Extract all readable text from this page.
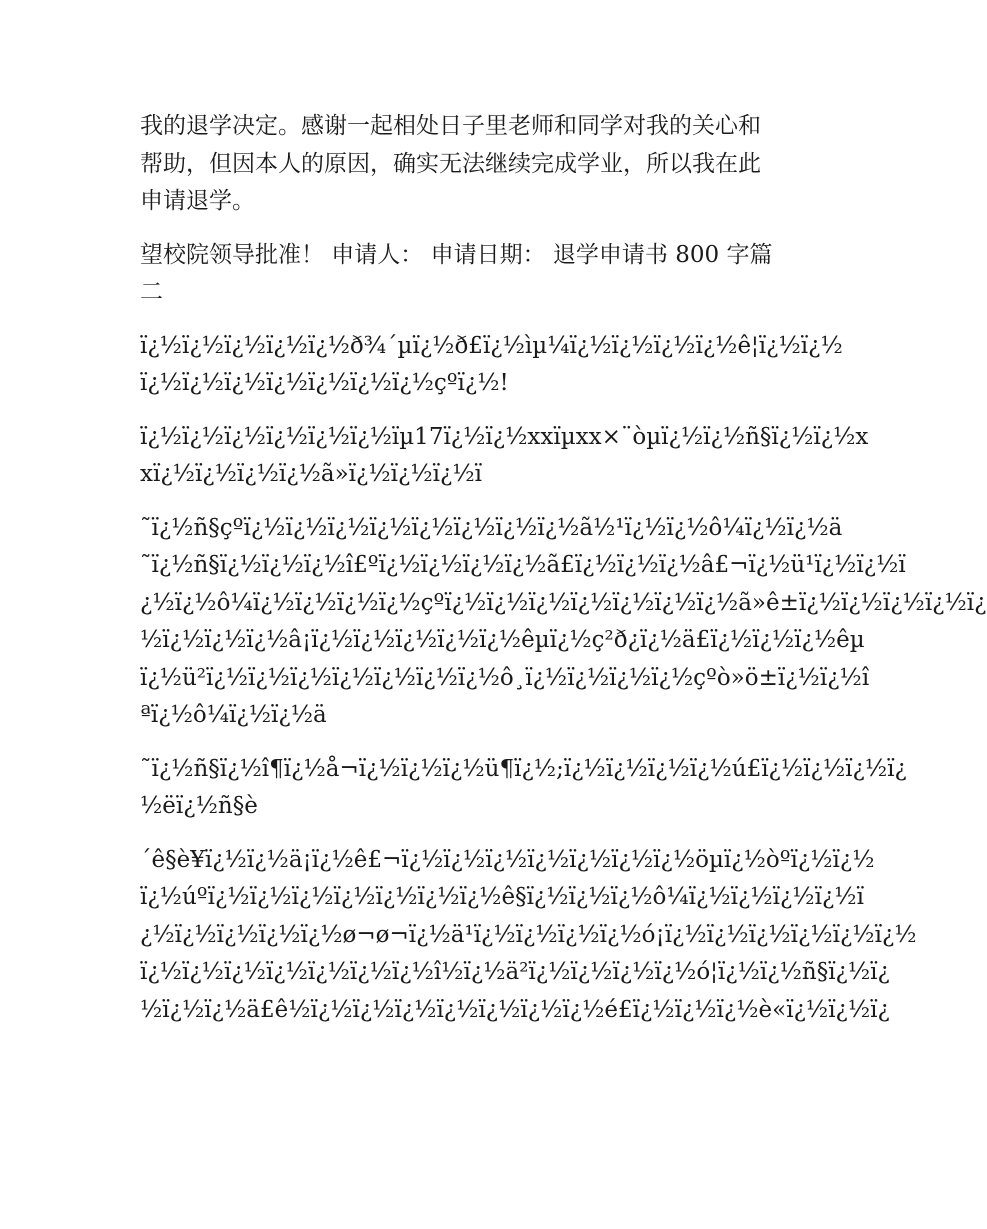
我的退学决定。感谢一起相处日子里老师和同学对我的关心和
帮助，但因本人的原因，确实无法继续完成学业，所以我在此
申请退学。

望校院领导批准！ 申请人： 申请日期： 退学申请书 800 字篇
二

ï¿½ï¿½ï¿½ï¿½ï¿½ð¾´µï¿½ð£ï¿½ìµ¼ï¿½ï¿½ï¿½ï¿½ê¦ï¿½ï¿½
ï¿½ï¿½ï¿½ï¿½ï¿½ï¿½ï¿½çºï¿½!

ï¿½ï¿½ï¿½ï¿½ï¿½ï¿½ïµ17ï¿½ï¿½xxïµxx×¨òµï¿½ï¿½ñ§ï¿½ï¿½x
xï¿½ï¿½ï¿½ï¿½ã»ï¿½ï¿½ï¿½ï

˜ï¿½ñ§çºï¿½ï¿½ï¿½ï¿½ï¿½ï¿½ï¿½ï¿½ã½¹ï¿½ï¿½ô¼ï¿½ï¿½ä
˜ï¿½ñ§ï¿½ï¿½ï¿½î£ºï¿½ï¿½ï¿½ï¿½ã£ï¿½ï¿½ï¿½â£¬ï¿½ü¹ï¿½ï¿½ï
¿½ï¿½ô¼ï¿½ï¿½ï¿½ï¿½çºï¿½ï¿½ï¿½ï¿½ï¿½ï¿½ï¿½ã»ê±ï¿½ï¿½ï¿½ï¿½ï¿
½ï¿½ï¿½ï¿½â¡ï¿½ï¿½ï¿½ï¿½ï¿½êµï¿½ç²ð¿ï¿½ä£ï¿½ï¿½ï¿½êµ
ï¿½ü²ï¿½ï¿½ï¿½ï¿½ï¿½ï¿½ï¿½ô¸ï¿½ï¿½ï¿½ï¿½çºò»ö±ï¿½ï¿½î
ªï¿½ô¼ï¿½ï¿½ä

˜ï¿½ñ§ï¿½î¶ï¿½å¬ï¿½ï¿½ï¿½ü¶ï¿½;ï¿½ï¿½ï¿½ï¿½ú£ï¿½ï¿½ï¿½ï¿
½ëï¿½ñ§è

´ê§è¥ï¿½ï¿½ä¡ï¿½ê£¬ï¿½ï¿½ï¿½ï¿½ï¿½ï¿½ï¿½öµï¿½òºï¿½ï¿½
ï¿½úºï¿½ï¿½ï¿½ï¿½ï¿½ï¿½ï¿½ê§ï¿½ï¿½ï¿½ô¼ï¿½ï¿½ï¿½ï¿½ï
¿½ï¿½ï¿½ï¿½ï¿½ø¬ø¬ï¿½ä¹ï¿½ï¿½ï¿½ï¿½ó¡ï¿½ï¿½ï¿½ï¿½ï¿½ï¿½
ï¿½ï¿½ï¿½ï¿½ï¿½ï¿½ï¿½î½ï¿½ä²ï¿½ï¿½ï¿½ï¿½ó¦ï¿½ï¿½ñ§ï¿½ï¿
½ï¿½ï¿½ä£ê½ï¿½ï¿½ï¿½ï¿½ï¿½ï¿½ï¿½é£ï¿½ï¿½ï¿½è«ï¿½ï¿½ï¿
